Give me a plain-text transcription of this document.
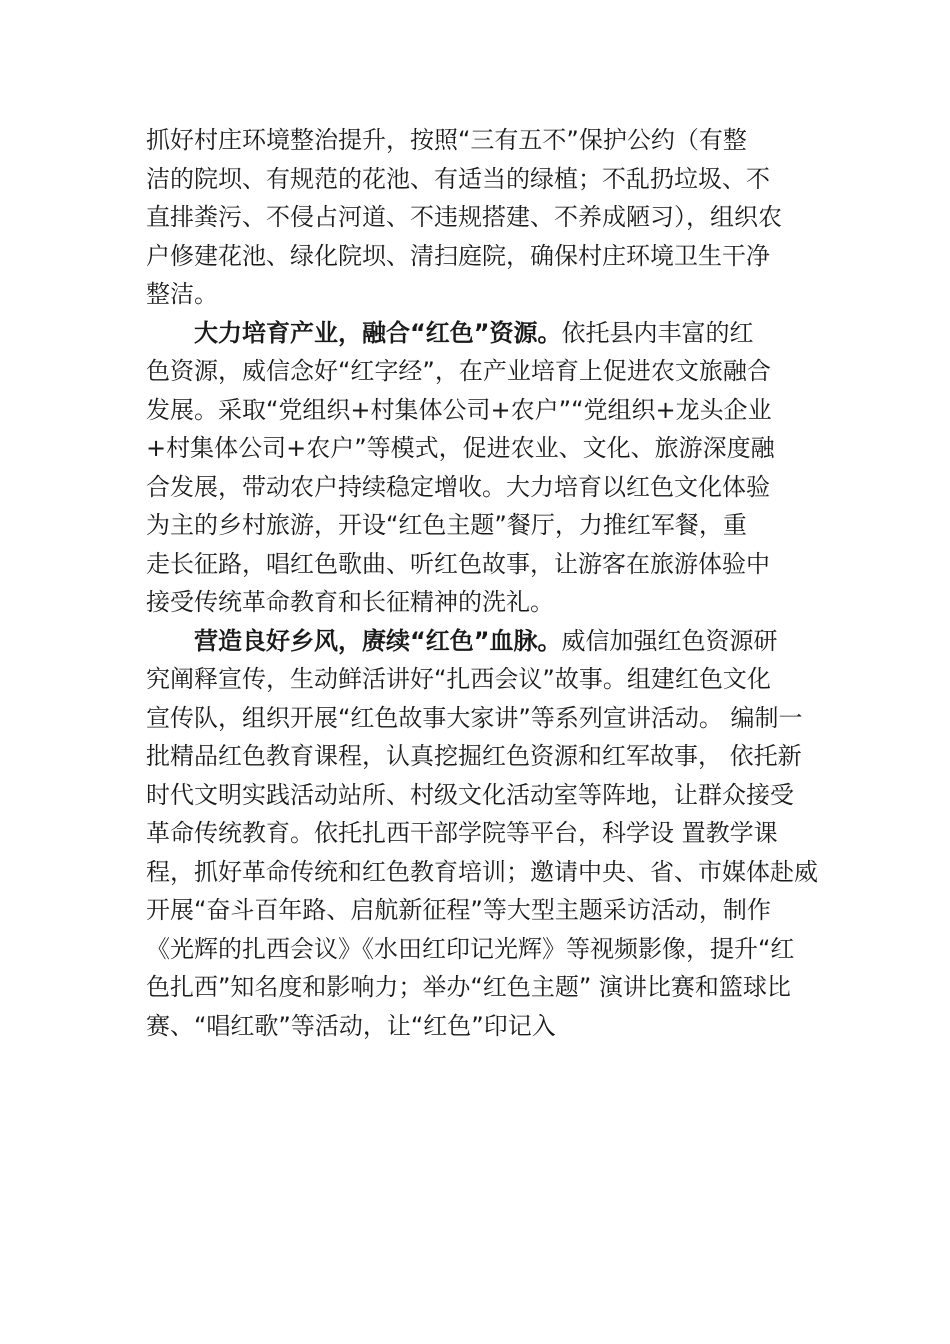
抓好村庄环境整治提升，按照“三有五不”保护公约（有整
洁的院坝、有规范的花池、有适当的绿植；不乱扔垃圾、不
直排粪污、不侵占河道、不违规搭建、不养成陋习），组织农
户修建花池、绿化院坝、清扫庭院，确保村庄环境卫生干净
整洁。
大力培育产业，融合“红色”资源。依托县内丰富的红
色资源，威信念好“红字经”，在产业培育上促进农文旅融合
发展。采取“党组织+村集体公司+农户”“党组织+龙头企业
+村集体公司+农户”等模式，促进农业、文化、旅游深度融
合发展，带动农户持续稳定增收。大力培育以红色文化体验
为主的乡村旅游，开设“红色主题”餐厅，力推红军餐，重
走长征路，唱红色歌曲、听红色故事，让游客在旅游体验中
接受传统革命教育和长征精神的洗礼。
营造良好乡风，赓续“红色”血脉。威信加强红色资源研
究阐释宣传，生动鲜活讲好“扎西会议”故事。组建红色文化
宣传队，组织开展“红色故事大家讲”等系列宣讲活动。 编制一
批精品红色教育课程，认真挖掘红色资源和红军故事， 依托新
时代文明实践活动站所、村级文化活动室等阵地，让群众接受
革命传统教育。依托扎西干部学院等平台，科学设 置教学课
程，抓好革命传统和红色教育培训；邀请中央、省、市媒体赴威
开展“奋斗百年路、启航新征程”等大型主题采访活动，制作
《光辉的扎西会议》《水田红印记光辉》等视频影像，提升“红
色扎西”知名度和影响力；举办“红色主题” 演讲比赛和篮球比
赛、“唱红歌”等活动，让“红色”印记入
